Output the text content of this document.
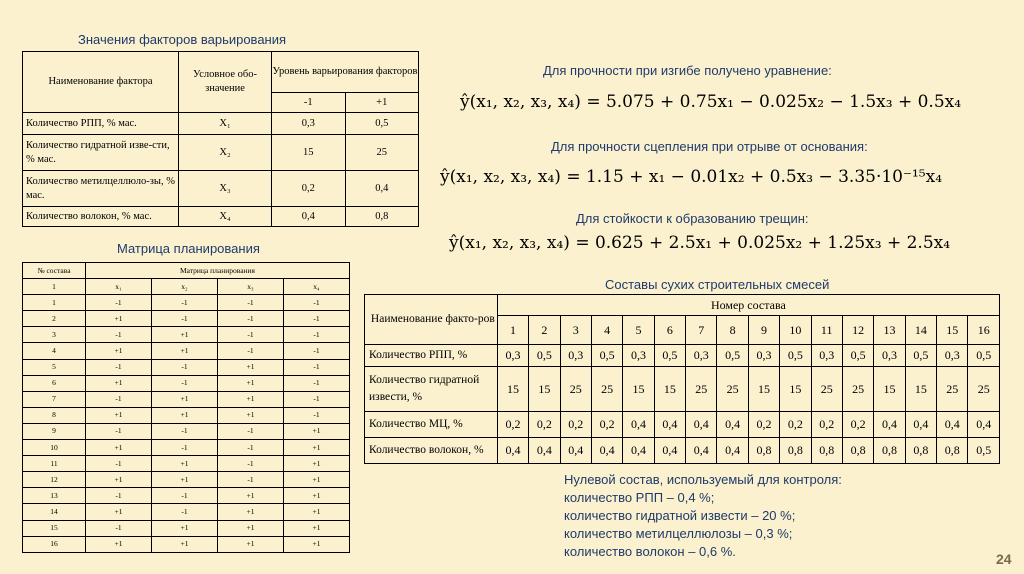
Значения факторов варьирования
Наименование фактора	Условное обо-значение	Уровень варьирования факторов	
		-1	+1
Количество РПП, % мас.	X₁	0,3	0,5
Количество гидратной изве-сти, % мас.	X₂	15	25
Количество метилцеллюло-зы, % мас.	X₃	0,2	0,4
Количество волокон, % мас.	X₄	0,4	0,8
Матрица планирования
№ состава	Матрица планирования			
1	x₁	x₂	x₃	x₄
1	-1	-1	-1	-1
2	+1	-1	-1	-1
3	-1	+1	-1	-1
4	+1	+1	-1	-1
5	-1	-1	+1	-1
6	+1	-1	+1	-1
7	-1	+1	+1	-1
8	+1	+1	+1	-1
9	-1	-1	-1	+1
10	+1	-1	-1	+1
11	-1	+1	-1	+1
12	+1	+1	-1	+1
13	-1	-1	+1	+1
14	+1	-1	+1	+1
15	-1	+1	+1	+1
16	+1	+1	+1	+1
Для прочности при изгибе получено уравнение:
ŷ(x₁, x₂, x₃, x₄) = 5.075 + 0.75x₁ − 0.025x₂ − 1.5x₃ + 0.5x₄
Для прочности сцепления при отрыве от основания:
ŷ(x₁, x₂, x₃, x₄) = 1.15 + x₁ − 0.01x₂ + 0.5x₃ − 3.35·10⁻¹⁵x₄
Для стойкости к образованию трещин:
ŷ(x₁, x₂, x₃, x₄) = 0.625 + 2.5x₁ + 0.025x₂ + 1.25x₃ + 2.5x₄
Составы сухих строительных смесей
Наименование факто-ров	Номер состава															
	1	2	3	4	5	6	7	8	9	10	11	12	13	14	15	16
Количество РПП, %	0,3	0,5	0,3	0,5	0,3	0,5	0,3	0,5	0,3	0,5	0,3	0,5	0,3	0,5	0,3	0,5
Количество гидратной извести, %	15	15	25	25	15	15	25	25	15	15	25	25	15	15	25	25
Количество МЦ, %	0,2	0,2	0,2	0,2	0,4	0,4	0,4	0,4	0,2	0,2	0,2	0,2	0,4	0,4	0,4	0,4
Количество волокон, %	0,4	0,4	0,4	0,4	0,4	0,4	0,4	0,4	0,8	0,8	0,8	0,8	0,8	0,8	0,8	0,5
Нулевой состав, используемый для контроля:
количество РПП – 0,4 %;
количество гидратной извести – 20 %;
количество метилцеллюлозы – 0,3 %;
количество волокон – 0,6 %.	24
